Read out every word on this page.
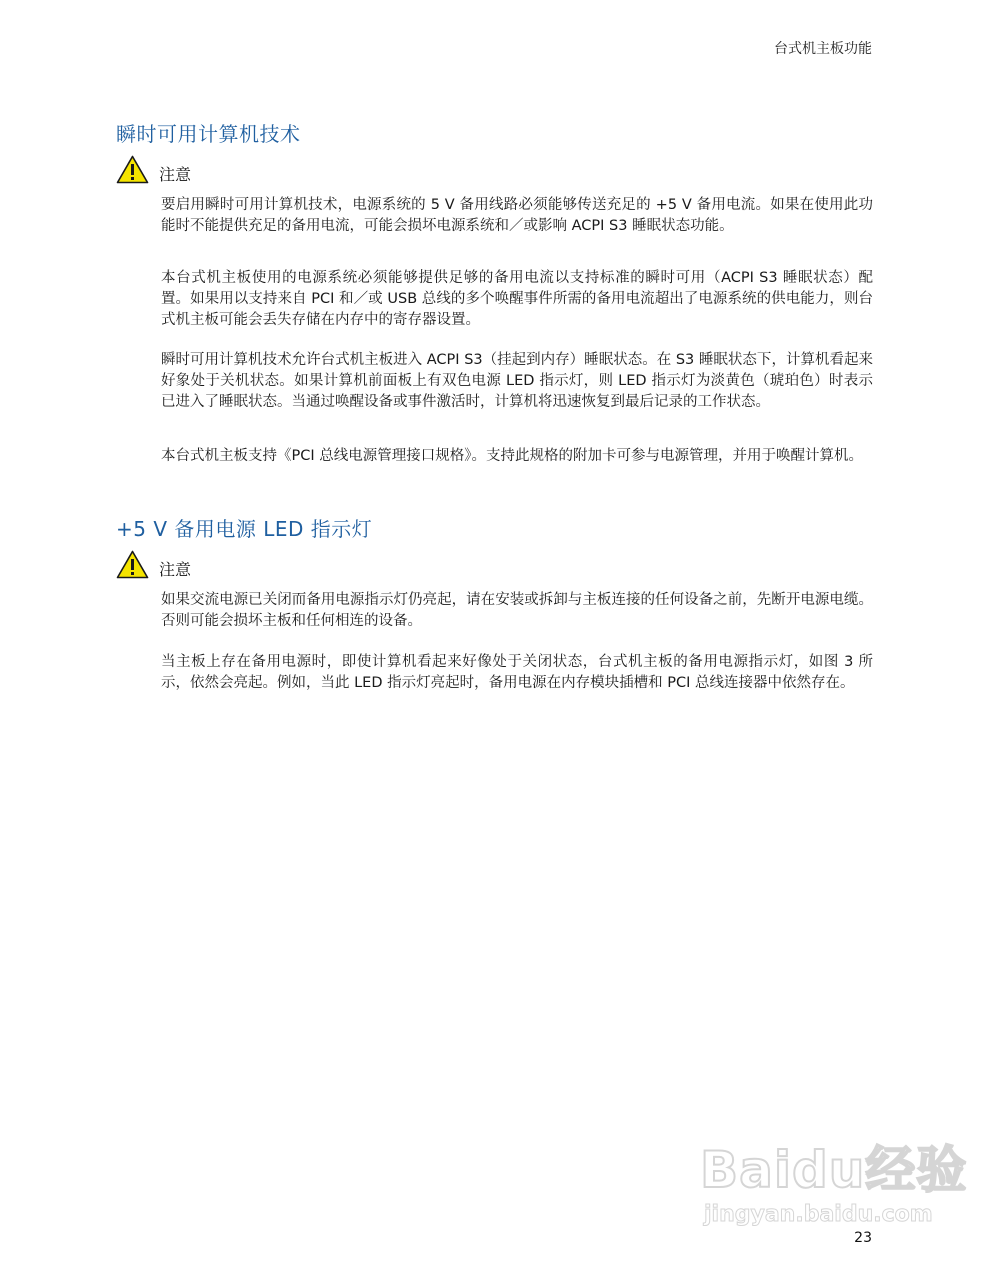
台式机主板功能
瞬时可用计算机技术
注意

要启用瞬时可用计算机技术，电源系统的 5 V 备用线路必须能够传送充足的 +5 V 备用电流。如果在使用此功能时不能提供充足的备用电流，可能会损坏电源系统和／或影响 ACPI S3 睡眠状态功能。

本台式机主板使用的电源系统必须能够提供足够的备用电流以支持标准的瞬时可用（ACPI S3 睡眠状态）配置。如果用以支持来自 PCI 和／或 USB 总线的多个唤醒事件所需的备用电流超出了电源系统的供电能力，则台式机主板可能会丢失存储在内存中的寄存器设置。

瞬时可用计算机技术允许台式机主板进入 ACPI S3（挂起到内存）睡眠状态。在 S3 睡眠状态下，计算机看起来好象处于关机状态。如果计算机前面板上有双色电源 LED 指示灯，则 LED 指示灯为淡黄色（琥珀色）时表示已进入了睡眠状态。当通过唤醒设备或事件激活时，计算机将迅速恢复到最后记录的工作状态。

本台式机主板支持《PCI 总线电源管理接口规格》。支持此规格的附加卡可参与电源管理，并用于唤醒计算机。

+5 V 备用电源 LED 指示灯
注意

如果交流电源已关闭而备用电源指示灯仍亮起，请在安装或拆卸与主板连接的任何设备之前，先断开电源电缆。否则可能会损坏主板和任何相连的设备。

当主板上存在备用电源时，即使计算机看起来好像处于关闭状态，台式机主板的备用电源指示灯，如图 3 所示，依然会亮起。例如，当此 LED 指示灯亮起时，备用电源在内存模块插槽和 PCI 总线连接器中依然存在。

Baidu经验
jingyan.baidu.com
23
